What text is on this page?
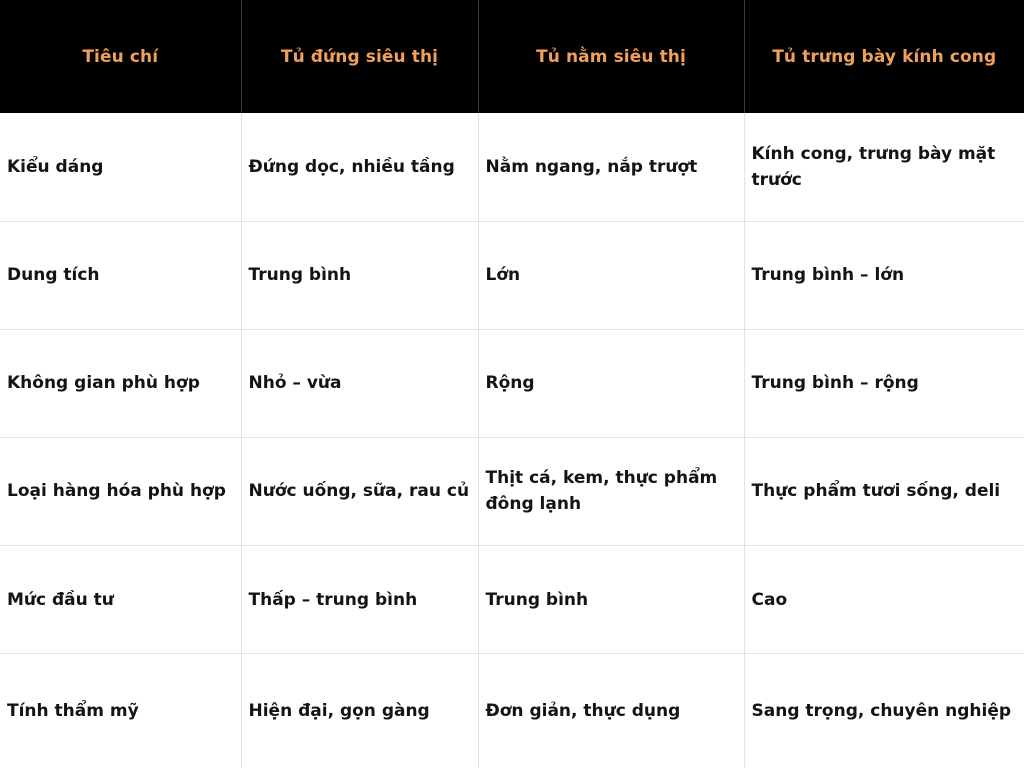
Tiêu chí	Tủ đứng siêu thị	Tủ nằm siêu thị	Tủ trưng bày kính cong
Kiểu dáng	Đứng dọc, nhiều tầng	Nằm ngang, nắp trượt	Kính cong, trưng bày mặt trước
Dung tích	Trung bình	Lớn	Trung bình – lớn
Không gian phù hợp	Nhỏ – vừa	Rộng	Trung bình – rộng
Loại hàng hóa phù hợp	Nước uống, sữa, rau củ	Thịt cá, kem, thực phẩm đông lạnh	Thực phẩm tươi sống, deli
Mức đầu tư	Thấp – trung bình	Trung bình	Cao
Tính thẩm mỹ	Hiện đại, gọn gàng	Đơn giản, thực dụng	Sang trọng, chuyên nghiệp
